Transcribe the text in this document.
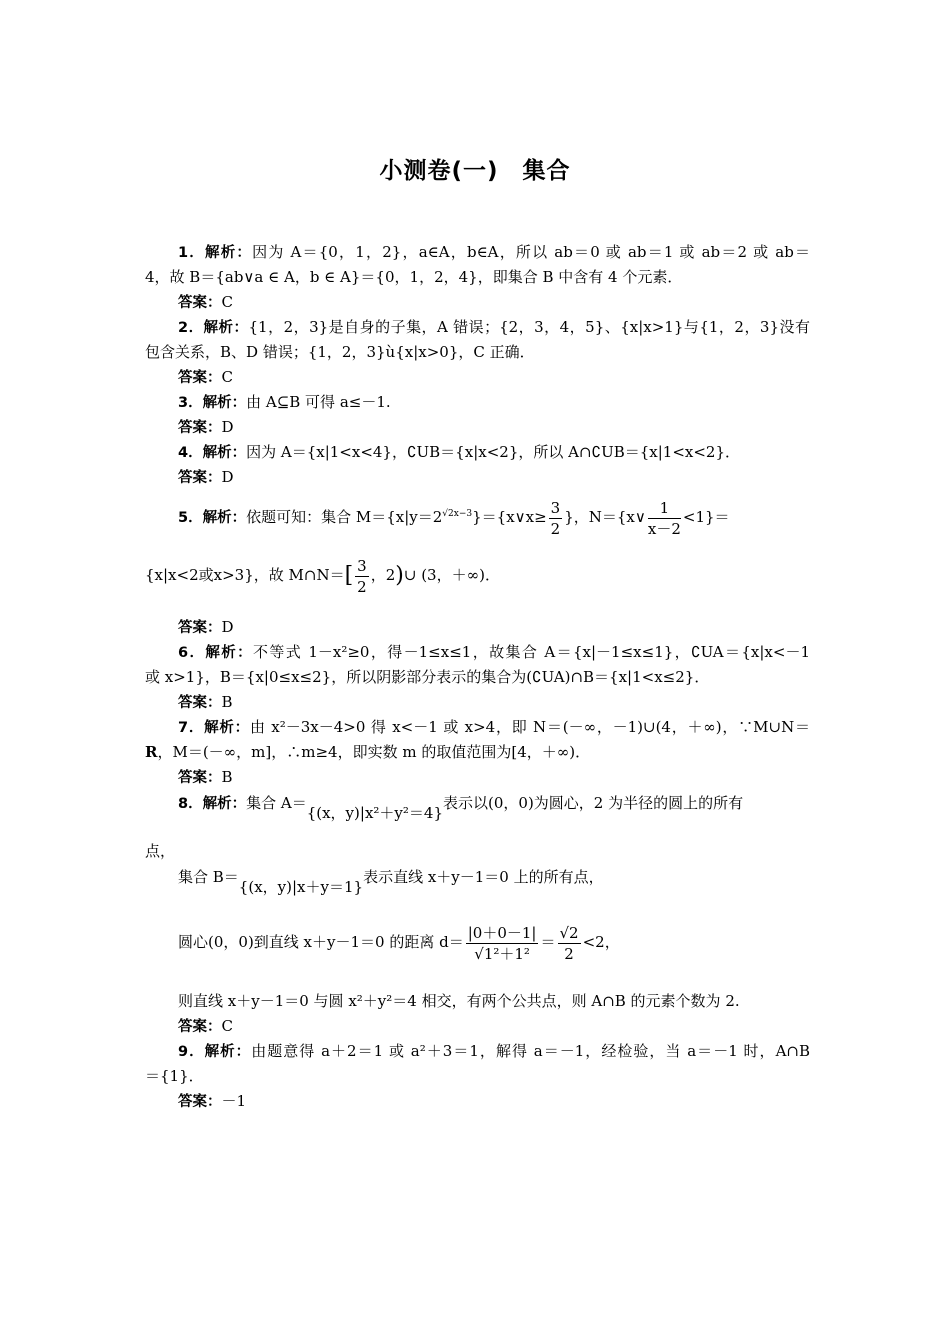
小测卷(一)　集合
1．解析：因为 A＝{0，1，2}，a∈A，b∈A，所以 ab＝0 或 ab＝1 或 ab＝2 或 ab＝
4，故 B＝{ab∨a ∈ A，b ∈ A}＝{0，1，2，4}，即集合 B 中含有 4 个元素．
答案：C
2．解析：{1，2，3}是自身的子集，A 错误；{2，3，4，5}、{x|x>1}与{1，2，3}没有
包含关系，B、D 错误；{1，2，3}ù{x|x>0}，C 正确．
答案：C
3．解析：由 A⊆B 可得 a≤－1.
答案：D
4．解析：因为 A＝{x|1<x<4}，∁UB＝{x|x<2}，所以 A∩∁UB＝{x|1<x<2}．
答案：D
5．解析：依题可知：集合 $M=\{x|y=2^{√2x-3}\}=\{x\vee x\ge \frac{3}{2}$ }，N＝{x∨ $\frac{1}{x-2} <1\}=$
{x|x<2或x>3}，故 M∩N＝[ $\frac{3}{2}$ ，2)∪ (3，＋∞)．
答案：D
6．解析：不等式 1－x²≥0，得－1≤x≤1，故集合 A＝{x|－1≤x≤1}，∁UA＝{x|x<－1
或 x>1}，B＝{x|0≤x≤2}，所以阴影部分表示的集合为(∁UA)∩B＝{x|1<x≤2}．
答案：B
7．解析：由 x²－3x－4>0 得 x<－1 或 x>4，即 N＝(－∞，－1)∪(4，＋∞)，∵M∪N＝
R，M＝(－∞，m]，∴m≥4，即实数 m 的取值范围为[4，＋∞)．
答案：B
8．解析：集合 A＝{(x，y)|x²＋y²＝4}表示以(0，0)为圆心，2 为半径的圆上的所有
点，
集合 B＝{(x，y)|x＋y＝1}表示直线 x＋y－1＝0 上的所有点，
圆心(0，0)到直线 x＋y－1＝0 的距离 $d= \frac{|0+0-1|}{\text{√1²＋1²}} = \frac{√2}{2} <2$，
则直线 x＋y－1＝0 与圆 x²＋y²＝4 相交，有两个公共点，则 A∩B 的元素个数为 2.
答案：C
9．解析：由题意得 a＋2＝1 或 a²＋3＝1，解得 a＝－1，经检验，当 a＝－1 时，A∩B
＝{1}．
答案：－1
